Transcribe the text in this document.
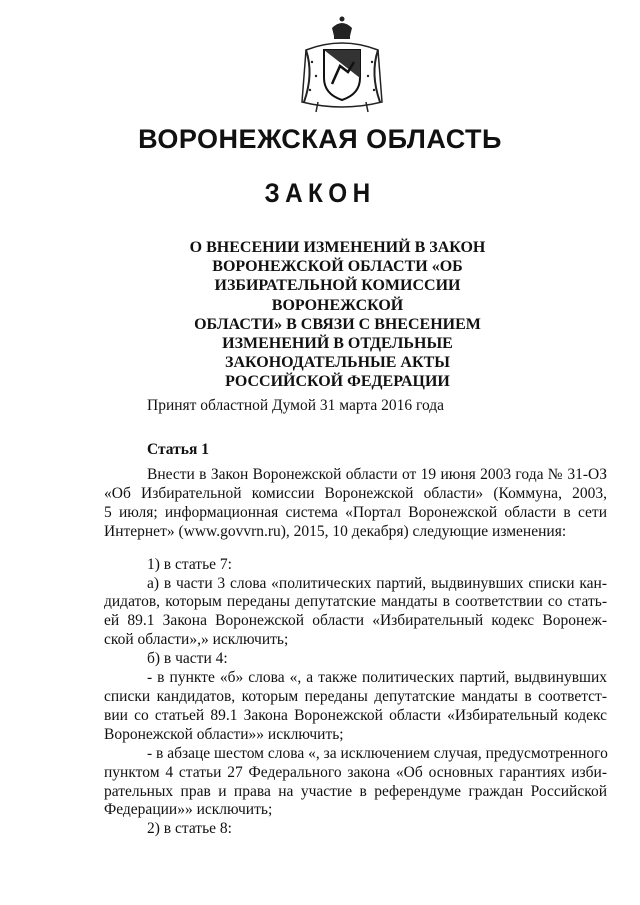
ВОРОНЕЖСКАЯ ОБЛАСТЬ
ЗАКОН
О ВНЕСЕНИИ ИЗМЕНЕНИЙ В ЗАКОН
ВОРОНЕЖСКОЙ ОБЛАСТИ «ОБ
ИЗБИРАТЕЛЬНОЙ КОМИССИИ ВОРОНЕЖСКОЙ
ОБЛАСТИ» В СВЯЗИ С ВНЕСЕНИЕМ
ИЗМЕНЕНИЙ В ОТДЕЛЬНЫЕ
ЗАКОНОДАТЕЛЬНЫЕ АКТЫ
РОССИЙСКОЙ ФЕДЕРАЦИИ
Принят областной Думой 31 марта 2016 года
Статья 1
Внести в Закон Воронежской области от 19 июня 2003 года № 31-ОЗ
«Об Избирательной комиссии Воронежской области» (Коммуна, 2003,
5 июля; информационная система «Портал Воронежской области в сети
Интернет» (www.govvrn.ru), 2015, 10 декабря) следующие изменения:
1) в статье 7:
а) в части 3 слова «политических партий, выдвинувших списки кан-
дидатов, которым переданы депутатские мандаты в соответствии со стать-
ей 89.1 Закона Воронежской области «Избирательный кодекс Воронеж-
ской области»,» исключить;
б) в части 4:
- в пункте «б» слова «, а также политических партий, выдвинувших
списки кандидатов, которым переданы депутатские мандаты в соответст-
вии со статьей 89.1 Закона Воронежской области «Избирательный кодекс
Воронежской области»» исключить;
- в абзаце шестом слова «, за исключением случая, предусмотренного
пунктом 4 статьи 27 Федерального закона «Об основных гарантиях изби-
рательных прав и права на участие в референдуме граждан Российской
Федерации»» исключить;
2) в статье 8:
